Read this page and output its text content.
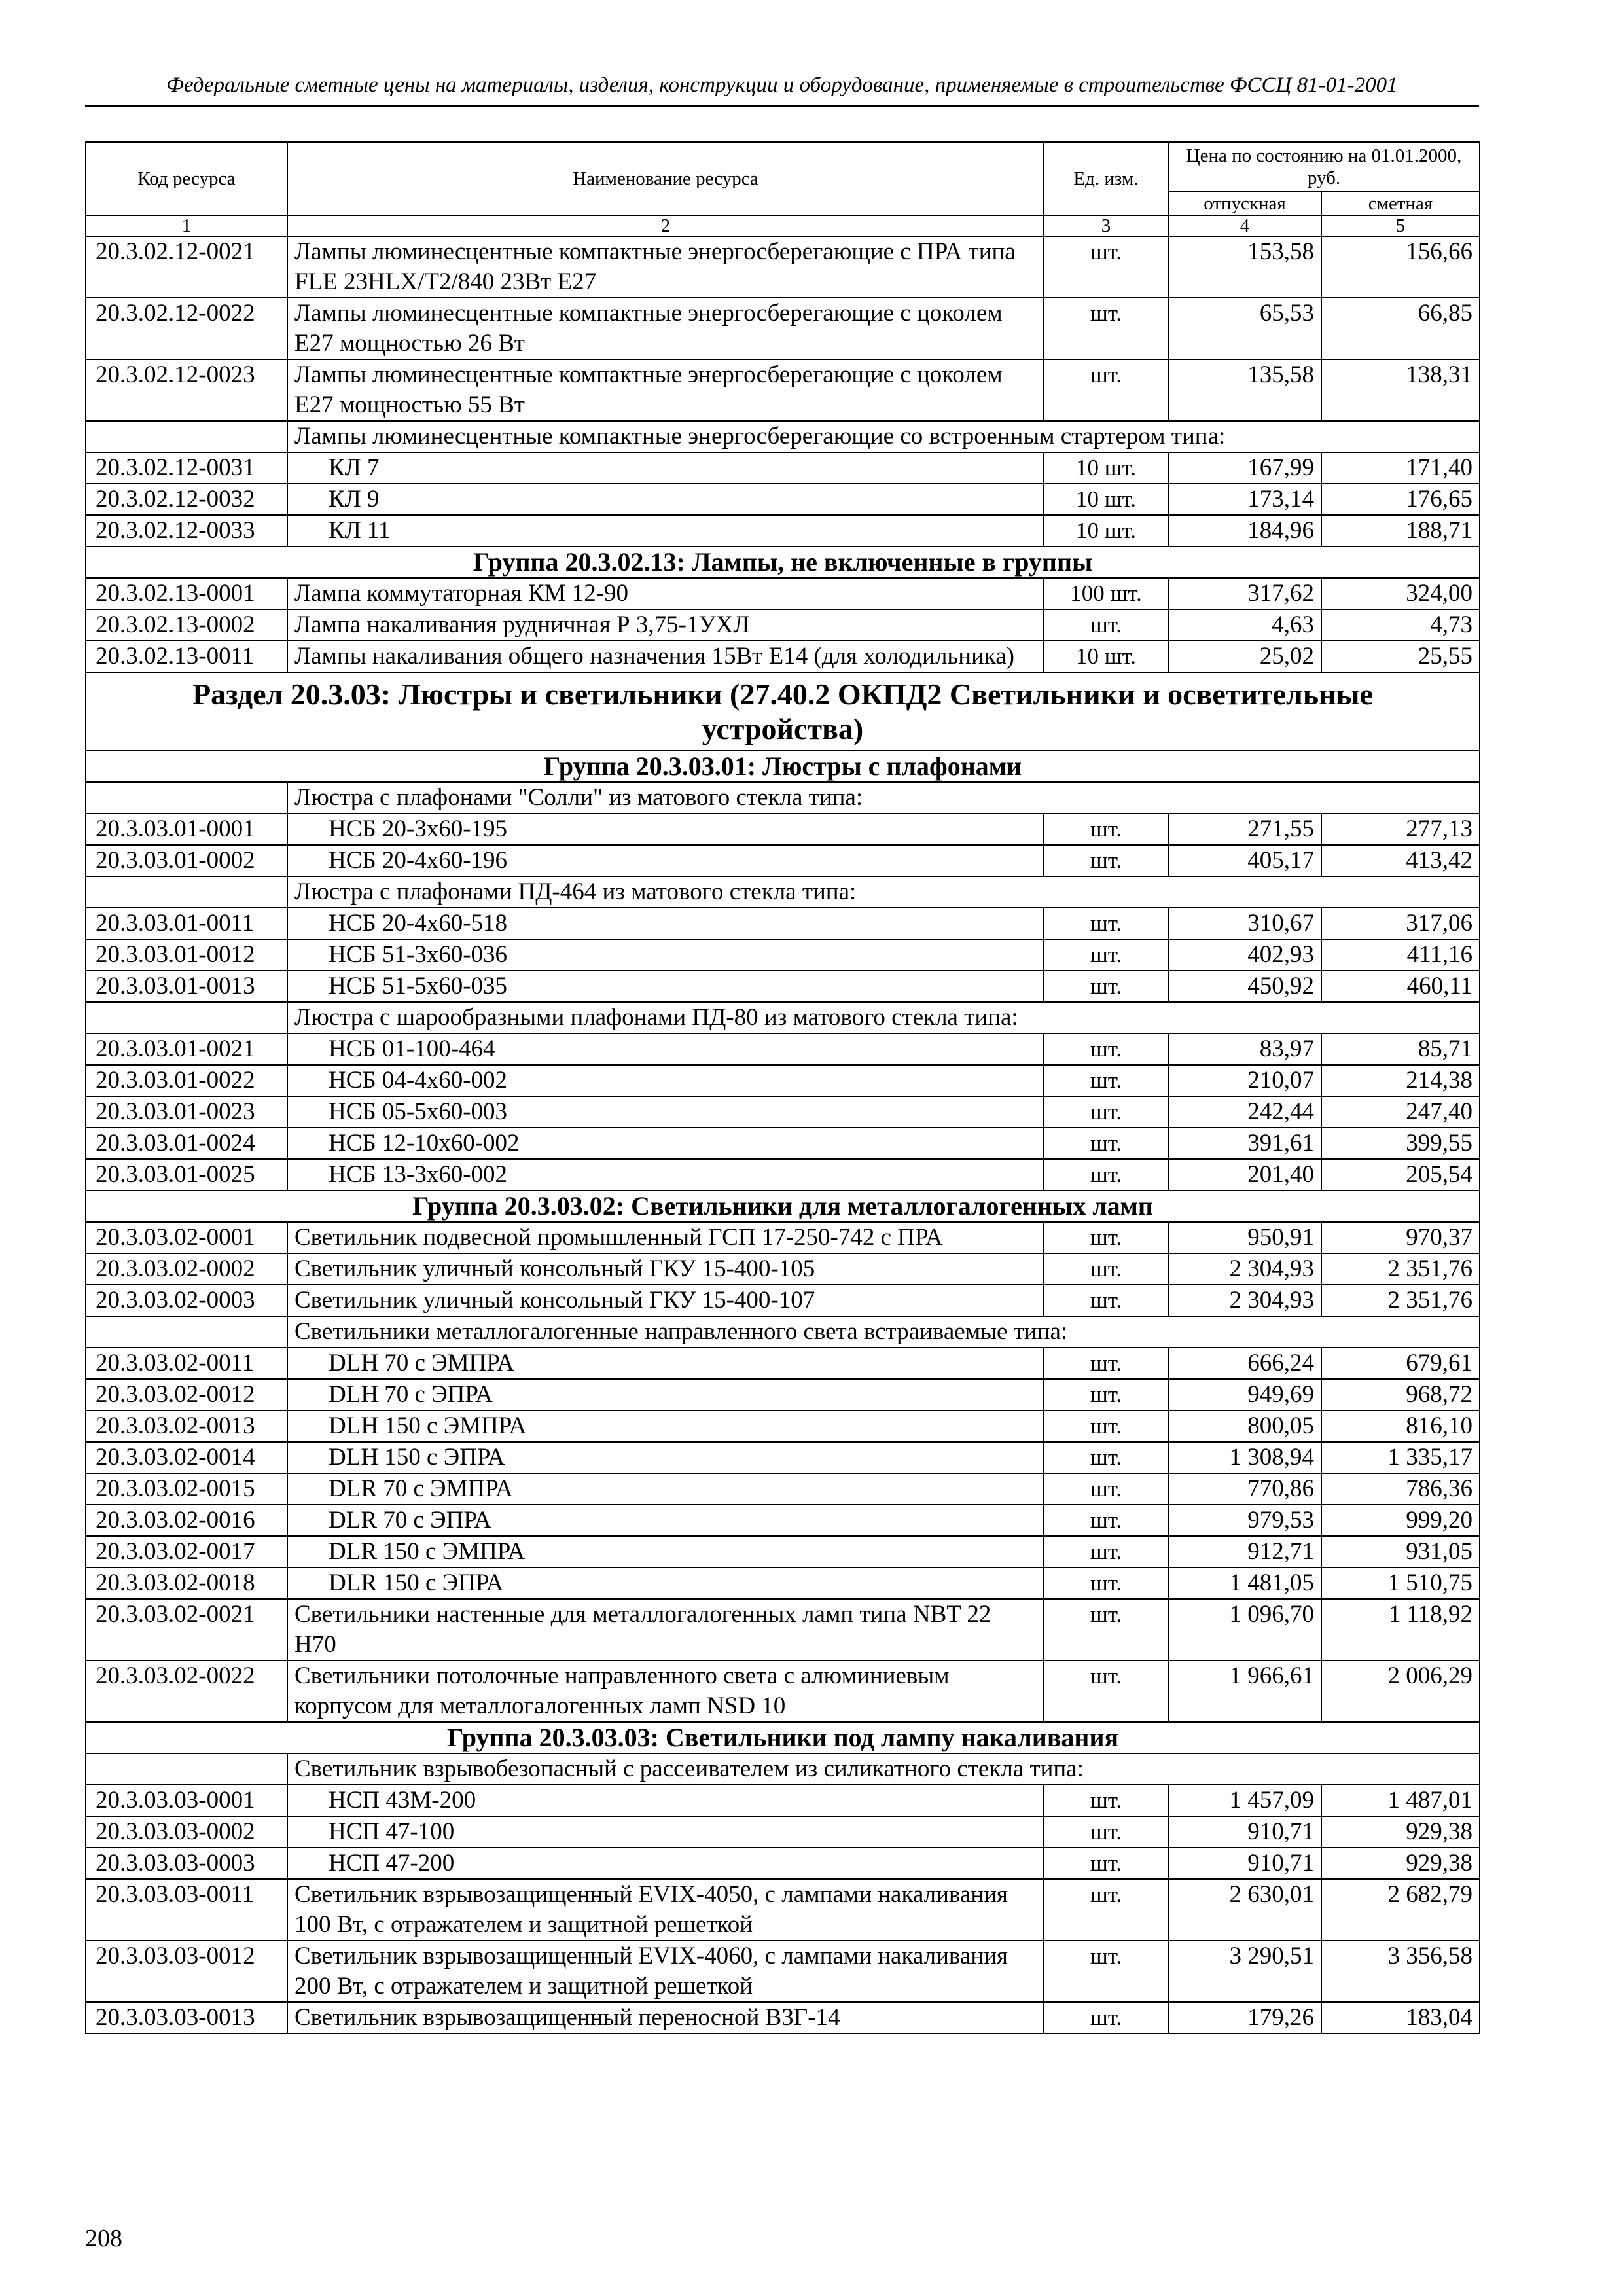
Федеральные сметные цены на материалы, изделия, конструкции и оборудование, применяемые в строительстве ФССЦ 81-01-2001
Код ресурса	Наименование ресурса	Ед. изм.	Цена по состоянию на 01.01.2000, руб.	
			отпускная	сметная
1	2	3	4	5
20.3.02.12-0021	Лампы люминесцентные компактные энергосберегающие с ПРА типа FLE 23HLX/T2/840 23Вт Е27	шт.	153,58	156,66
20.3.02.12-0022	Лампы люминесцентные компактные энергосберегающие с цоколем Е27 мощностью 26 Вт	шт.	65,53	66,85
20.3.02.12-0023	Лампы люминесцентные компактные энергосберегающие с цоколем Е27 мощностью 55 Вт	шт.	135,58	138,31
	Лампы люминесцентные компактные энергосберегающие со встроенным стартером типа:			
20.3.02.12-0031	КЛ 7	10 шт.	167,99	171,40
20.3.02.12-0032	КЛ 9	10 шт.	173,14	176,65
20.3.02.12-0033	КЛ 11	10 шт.	184,96	188,71
Группа 20.3.02.13: Лампы, не включенные в группы				
20.3.02.13-0001	Лампа коммутаторная КМ 12-90	100 шт.	317,62	324,00
20.3.02.13-0002	Лампа накаливания рудничная Р 3,75-1УХЛ	шт.	4,63	4,73
20.3.02.13-0011	Лампы накаливания общего назначения 15Вт Е14 (для холодильника)	10 шт.	25,02	25,55
Раздел 20.3.03: Люстры и светильники (27.40.2 ОКПД2 Светильники и осветительные устройства)				
Группа 20.3.03.01: Люстры с плафонами				
	Люстра с плафонами "Солли" из матового стекла типа:			
20.3.03.01-0001	НСБ 20-3х60-195	шт.	271,55	277,13
20.3.03.01-0002	НСБ 20-4х60-196	шт.	405,17	413,42
	Люстра с плафонами ПД-464 из матового стекла типа:			
20.3.03.01-0011	НСБ 20-4х60-518	шт.	310,67	317,06
20.3.03.01-0012	НСБ 51-3х60-036	шт.	402,93	411,16
20.3.03.01-0013	НСБ 51-5х60-035	шт.	450,92	460,11
	Люстра с шарообразными плафонами ПД-80 из матового стекла типа:			
20.3.03.01-0021	НСБ 01-100-464	шт.	83,97	85,71
20.3.03.01-0022	НСБ 04-4х60-002	шт.	210,07	214,38
20.3.03.01-0023	НСБ 05-5х60-003	шт.	242,44	247,40
20.3.03.01-0024	НСБ 12-10х60-002	шт.	391,61	399,55
20.3.03.01-0025	НСБ 13-3х60-002	шт.	201,40	205,54
Группа 20.3.03.02: Светильники для металлогалогенных ламп				
20.3.03.02-0001	Светильник подвесной промышленный ГСП 17-250-742 с ПРА	шт.	950,91	970,37
20.3.03.02-0002	Светильник уличный консольный ГКУ 15-400-105	шт.	2 304,93	2 351,76
20.3.03.02-0003	Светильник уличный консольный ГКУ 15-400-107	шт.	2 304,93	2 351,76
	Светильники металлогалогенные направленного света встраиваемые типа:			
20.3.03.02-0011	DLH 70 с ЭМПРА	шт.	666,24	679,61
20.3.03.02-0012	DLH 70 с ЭПРА	шт.	949,69	968,72
20.3.03.02-0013	DLH 150 с ЭМПРА	шт.	800,05	816,10
20.3.03.02-0014	DLH 150 с ЭПРА	шт.	1 308,94	1 335,17
20.3.03.02-0015	DLR 70 с ЭМПРА	шт.	770,86	786,36
20.3.03.02-0016	DLR 70 с ЭПРА	шт.	979,53	999,20
20.3.03.02-0017	DLR 150 с ЭМПРА	шт.	912,71	931,05
20.3.03.02-0018	DLR 150 с ЭПРА	шт.	1 481,05	1 510,75
20.3.03.02-0021	Светильники настенные для металлогалогенных ламп типа NBT 22 H70	шт.	1 096,70	1 118,92
20.3.03.02-0022	Светильники потолочные направленного света с алюминиевым корпусом для металлогалогенных ламп NSD 10	шт.	1 966,61	2 006,29
Группа 20.3.03.03: Светильники под лампу накаливания				
	Светильник взрывобезопасный с рассеивателем из силикатного стекла типа:			
20.3.03.03-0001	НСП 43М-200	шт.	1 457,09	1 487,01
20.3.03.03-0002	НСП 47-100	шт.	910,71	929,38
20.3.03.03-0003	НСП 47-200	шт.	910,71	929,38
20.3.03.03-0011	Светильник взрывозащищенный EVIX-4050, с лампами накаливания 100 Вт, с отражателем и защитной решеткой	шт.	2 630,01	2 682,79
20.3.03.03-0012	Светильник взрывозащищенный EVIX-4060, с лампами накаливания 200 Вт, с отражателем и защитной решеткой	шт.	3 290,51	3 356,58
20.3.03.03-0013	Светильник взрывозащищенный переносной ВЗГ-14	шт.	179,26	183,04
208
